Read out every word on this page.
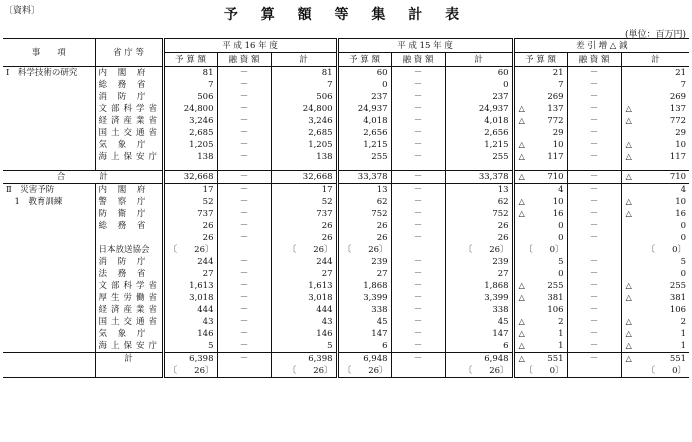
〔資料〕	予 算 額 等 集 計 表
(単位：百万円)
事　　項	省 庁 等	平 成 16 年 度			平 成 15 年 度			差 引 増 △ 減		
		予 算 額	融 資 額	計	予 算 額	融 資 額	計	予 算 額	融 資 額	計
Ⅰ　科学技術の研究	内 閣 府	81	－	81	60	－	60	21	－	21
	総 務 省	7	－	7	0	－	0	7	－	7
	消 防 庁	506	－	506	237	－	237	269	－	269
	文部科学省	24,800	－	24,800	24,937	－	24,937	△ 137	－	△ 137
	経済産業省	3,246	－	3,246	4,018	－	4,018	△ 772	－	△ 772
	国土交通省	2,685	－	2,685	2,656	－	2,656	29	－	29
	気 象 庁	1,205	－	1,205	1,215	－	1,215	△ 10	－	△ 10
	海上保安庁	138	－	138	255	－	255	△ 117	－	△ 117

合　　　　計		32,668	－	32,668	33,378	－	33,378	△ 710	－	△ 710
Ⅱ　災害予防	内 閣 府	17	－	17	13	－	13	4	－	4
　1　教育訓練	警 察 庁	52	－	52	62	－	62	△ 10	－	△ 10
	防 衛 庁	737	－	737	752	－	752	△ 16	－	△ 16
	総 務 省	26	－	26	26	－	26	0	－	0
		26	－	26	26	－	26	0	－	0
	日本放送協会	〔　　26〕		〔　　26〕	〔　　26〕		〔　　26〕	〔　　0〕		〔　　0〕
	消 防 庁	244	－	244	239	－	239	5	－	5
	法 務 省	27	－	27	27	－	27	0	－	0
	文部科学省	1,613	－	1,613	1,868	－	1,868	△ 255	－	△ 255
	厚生労働省	3,018	－	3,018	3,399	－	3,399	△ 381	－	△ 381
	経済産業省	444	－	444	338	－	338	106	－	106
	国土交通省	43	－	43	45	－	45	△ 2	－	△ 2
	気 象 庁	146	－	146	147	－	147	△ 1	－	△ 1
	海上保安庁	5	－	5	6	－	6	△ 1	－	△ 1
	計	6,398	－	6,398	6,948	－	6,948	△ 551	－	△ 551
		〔　　26〕		〔　　26〕	〔　　26〕		〔　　26〕	〔　　0〕		〔　　0〕
